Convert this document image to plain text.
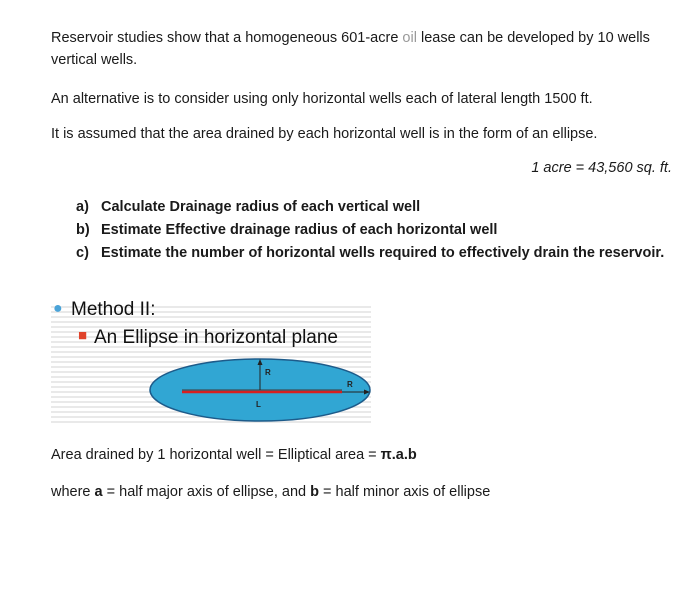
Reservoir studies show that a homogeneous 601-acre oil lease can be developed by 10 wells vertical wells.

An alternative is to consider using only horizontal wells each of lateral length 1500 ft.

It is assumed that the area drained by each horizontal well is in the form of an ellipse.

1 acre = 43,560 sq. ft.
a) Calculate Drainage radius of each vertical well
b) Estimate Effective drainage radius of each horizontal well
c) Estimate the number of horizontal wells required to effectively drain the reservoir.
● Method II:
■ An Ellipse in horizontal plane
R
R
L

Area drained by 1 horizontal well = Elliptical area = π.a.b

where a = half major axis of ellipse, and b = half minor axis of ellipse
